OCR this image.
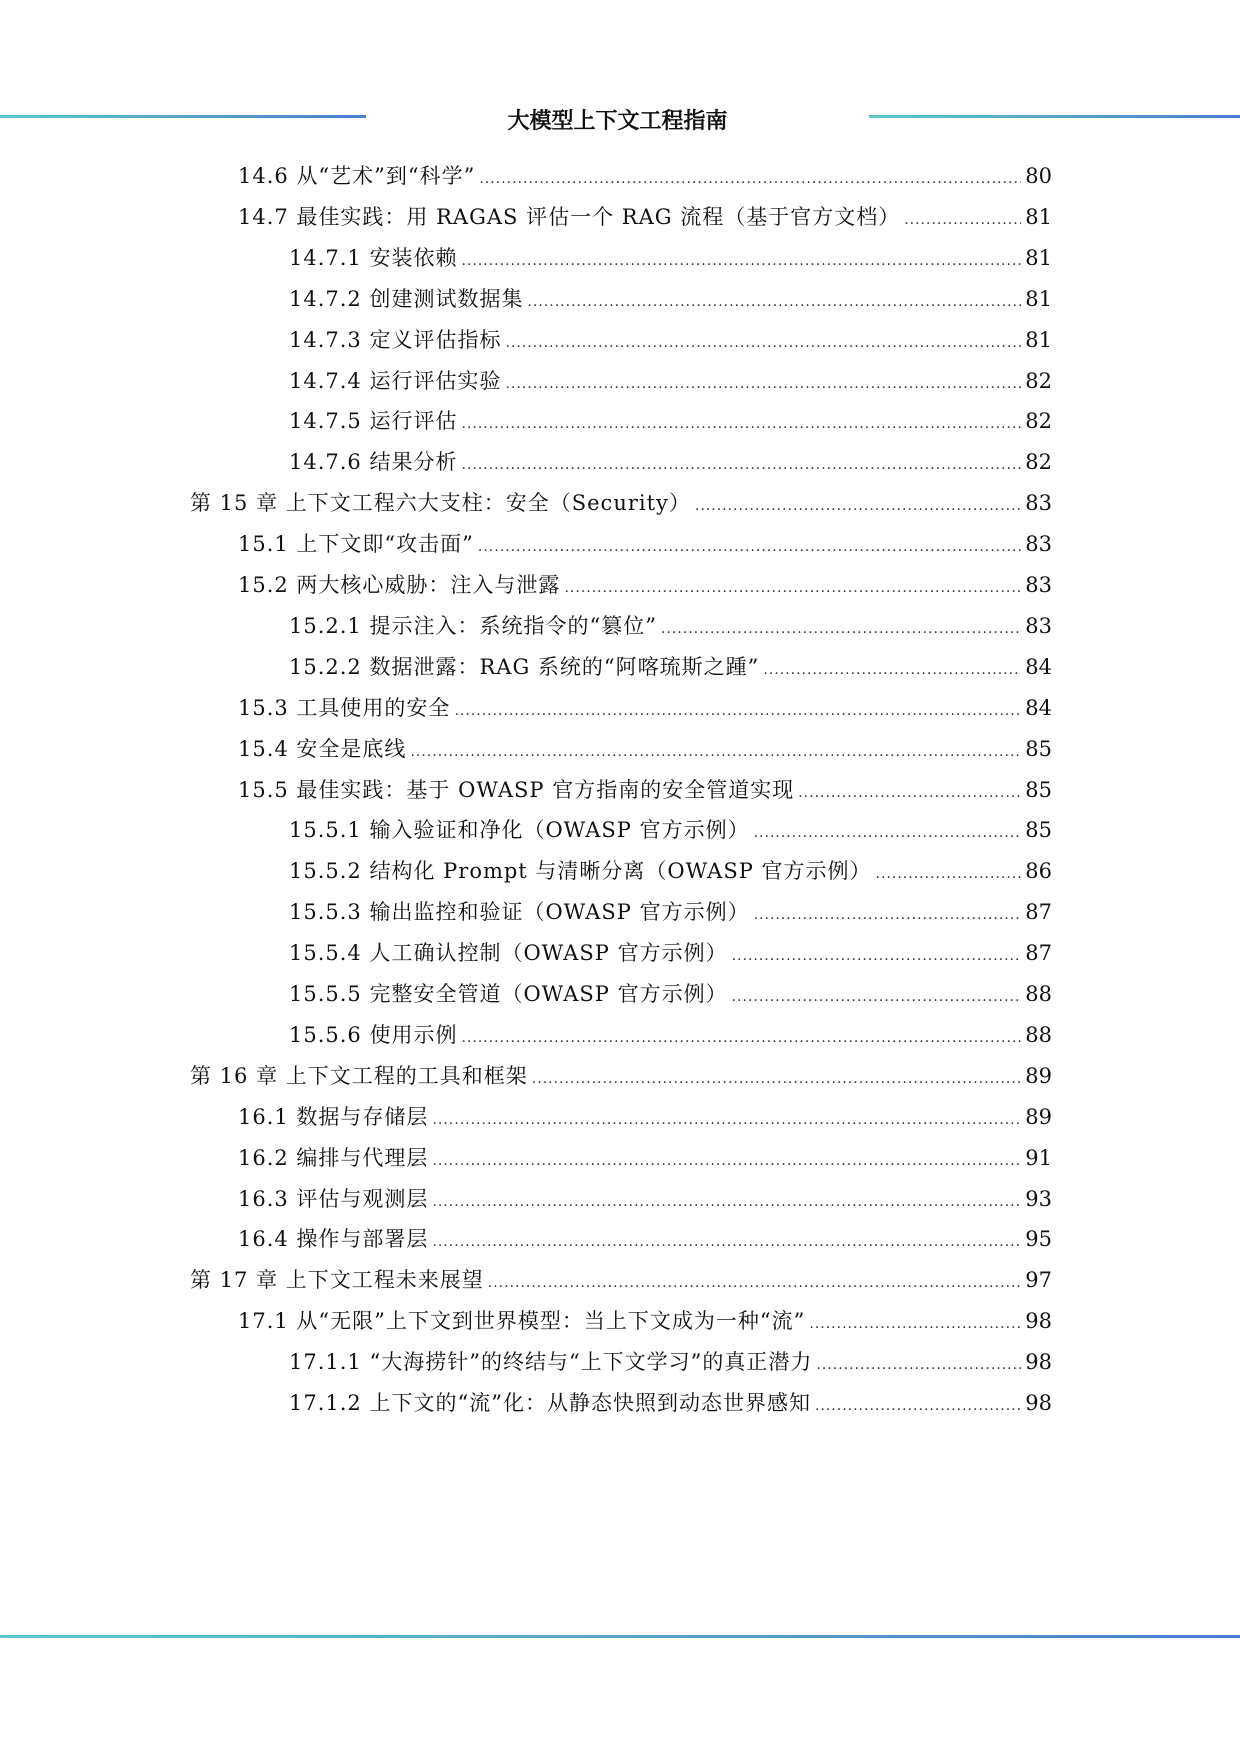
大模型上下文工程指南
14.6 从“艺术”到“科学” .....	80
14.7 最佳实践：用 RAGAS 评估一个 RAG 流程（基于官方文档） .....	81
14.7.1 安装依赖 .....	81
14.7.2 创建测试数据集 .....	81
14.7.3 定义评估指标 .....	81
14.7.4 运行评估实验 .....	82
14.7.5 运行评估 .....	82
14.7.6 结果分析 .....	82
第 15 章 上下文工程六大支柱：安全（Security） .....	83
15.1 上下文即“攻击面” .....	83
15.2 两大核心威胁：注入与泄露 .....	83
15.2.1 提示注入：系统指令的“篡位” .....	83
15.2.2 数据泄露：RAG 系统的“阿喀琉斯之踵” .....	84
15.3 工具使用的安全 .....	84
15.4 安全是底线 .....	85
15.5 最佳实践：基于 OWASP 官方指南的安全管道实现 .....	85
15.5.1 输入验证和净化（OWASP 官方示例） .....	85
15.5.2 结构化 Prompt 与清晰分离（OWASP 官方示例） .....	86
15.5.3 输出监控和验证（OWASP 官方示例） .....	87
15.5.4 人工确认控制（OWASP 官方示例） .....	87
15.5.5 完整安全管道（OWASP 官方示例） .....	88
15.5.6 使用示例 .....	88
第 16 章 上下文工程的工具和框架 .....	89
16.1 数据与存储层 .....	89
16.2 编排与代理层 .....	91
16.3 评估与观测层 .....	93
16.4 操作与部署层 .....	95
第 17 章 上下文工程未来展望 .....	97
17.1 从“无限”上下文到世界模型：当上下文成为一种“流” .....	98
17.1.1 “大海捞针”的终结与“上下文学习”的真正潜力 .....	98
17.1.2 上下文的“流”化：从静态快照到动态世界感知 .....	98
